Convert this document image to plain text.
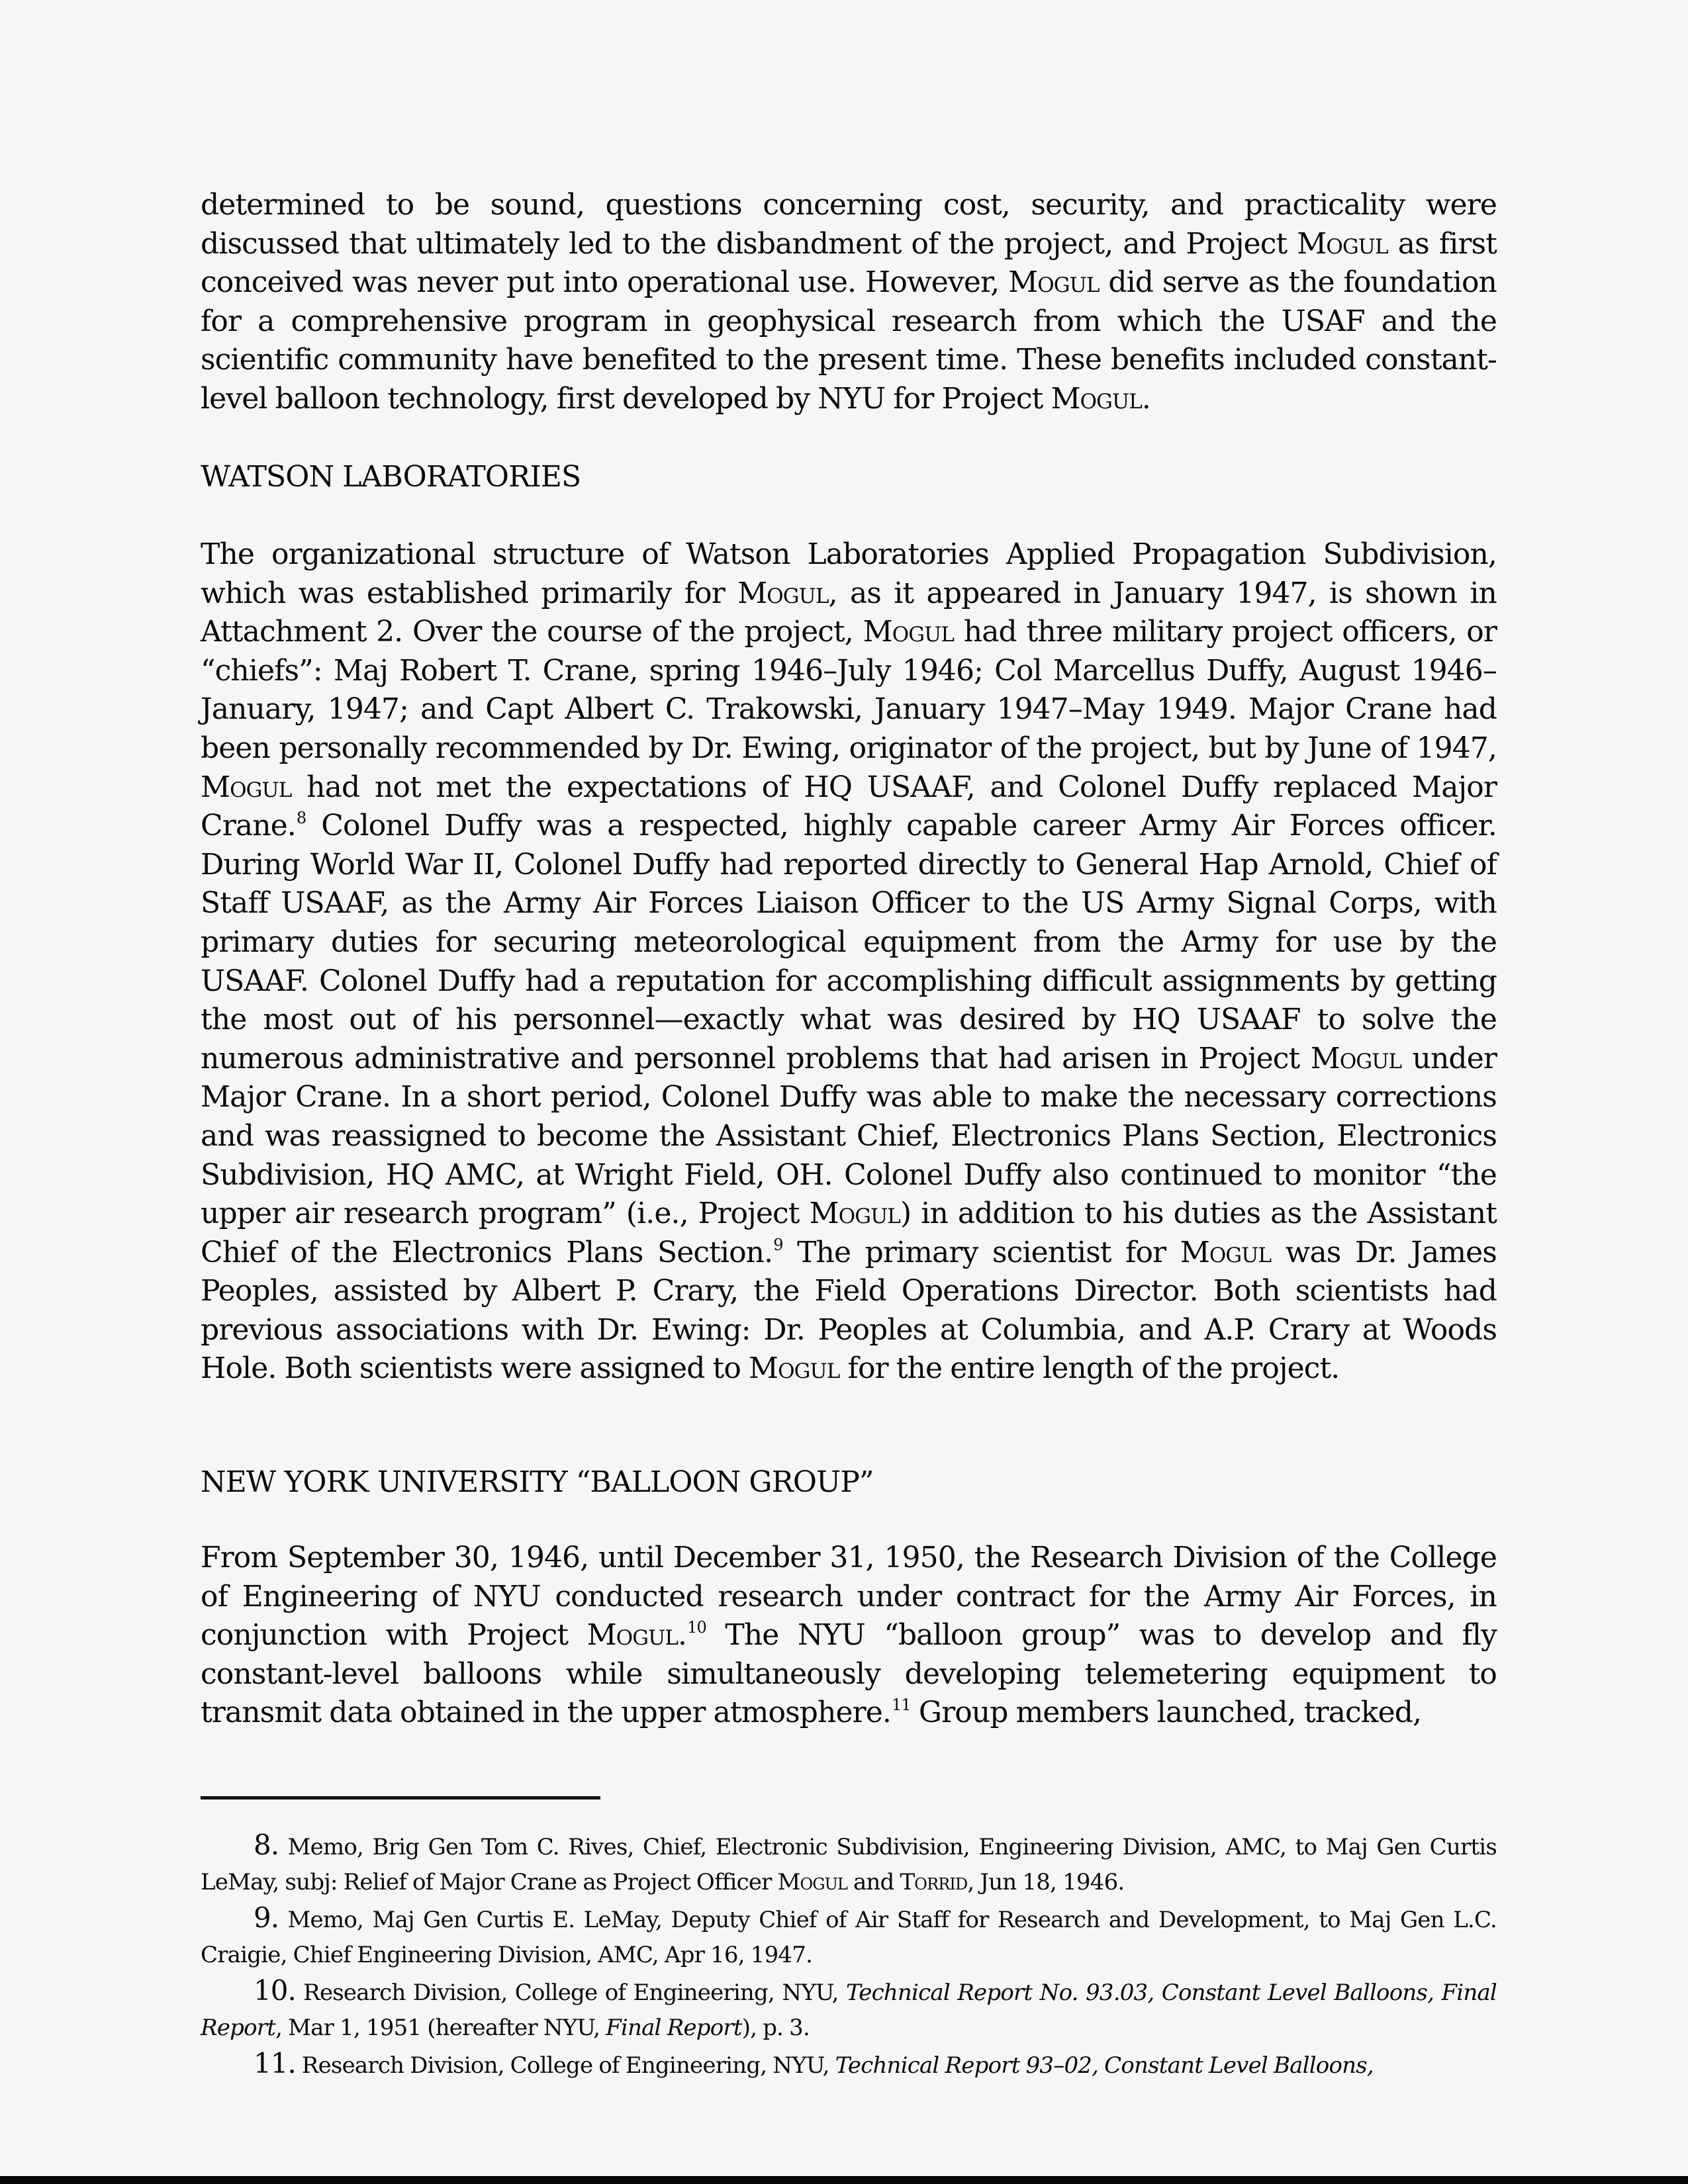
determined to be sound, questions concerning cost, security, and practicality were discussed that ultimately led to the disbandment of the project, and Project Mogul as first conceived was never put into operational use. However, Mogul did serve as the foundation for a comprehensive program in geophysical research from which the USAF and the scientific community have benefited to the present time. These benefits included constant-level balloon technology, first developed by NYU for Project Mogul.

WATSON LABORATORIES

The organizational structure of Watson Laboratories Applied Propagation Subdivision, which was established primarily for Mogul, as it appeared in January 1947, is shown in Attachment 2. Over the course of the project, Mogul had three military project officers, or “chiefs”: Maj Robert T. Crane, spring 1946–July 1946; Col Marcellus Duffy, August 1946–January, 1947; and Capt Albert C. Trakowski, January 1947–May 1949. Major Crane had been personally recommended by Dr. Ewing, originator of the project, but by June of 1947, Mogul had not met the expectations of HQ USAAF, and Colonel Duffy replaced Major Crane.$^8$ Colonel Duffy was a respected, highly capable career Army Air Forces officer. During World War II, Colonel Duffy had reported directly to General Hap Arnold, Chief of Staff USAAF, as the Army Air Forces Liaison Officer to the US Army Signal Corps, with primary duties for securing meteorological equipment from the Army for use by the USAAF. Colonel Duffy had a reputation for accomplishing difficult assignments by getting the most out of his personnel—exactly what was desired by HQ USAAF to solve the numerous administrative and personnel problems that had arisen in Project Mogul under Major Crane. In a short period, Colonel Duffy was able to make the necessary corrections and was reassigned to become the Assistant Chief, Electronics Plans Section, Electronics Subdivision, HQ AMC, at Wright Field, OH. Colonel Duffy also continued to monitor “the upper air research program” (i.e., Project Mogul) in addition to his duties as the Assistant Chief of the Electronics Plans Section.$^9$ The primary scientist for Mogul was Dr. James Peoples, assisted by Albert P. Crary, the Field Operations Director. Both scientists had previous associations with Dr. Ewing: Dr. Peoples at Columbia, and A.P. Crary at Woods Hole. Both scientists were assigned to Mogul for the entire length of the project.

NEW YORK UNIVERSITY “BALLOON GROUP”

From September 30, 1946, until December 31, 1950, the Research Division of the College of Engineering of NYU conducted research under contract for the Army Air Forces, in conjunction with Project Mogul.$^{10}$ The NYU “balloon group” was to develop and fly constant-level balloons while simultaneously developing telemetering equipment to transmit data obtained in the upper atmosphere.$^{11}$ Group members launched, tracked,

8. Memo, Brig Gen Tom C. Rives, Chief, Electronic Subdivision, Engineering Division, AMC, to Maj Gen Curtis LeMay, subj: Relief of Major Crane as Project Officer Mogul and Torrid, Jun 18, 1946.

9. Memo, Maj Gen Curtis E. LeMay, Deputy Chief of Air Staff for Research and Development, to Maj Gen L.C. Craigie, Chief Engineering Division, AMC, Apr 16, 1947.

10. Research Division, College of Engineering, NYU, Technical Report No. 93.03, Constant Level Balloons, Final Report, Mar 1, 1951 (hereafter NYU, Final Report), p. 3.

11. Research Division, College of Engineering, NYU, Technical Report 93–02, Constant Level Balloons,
